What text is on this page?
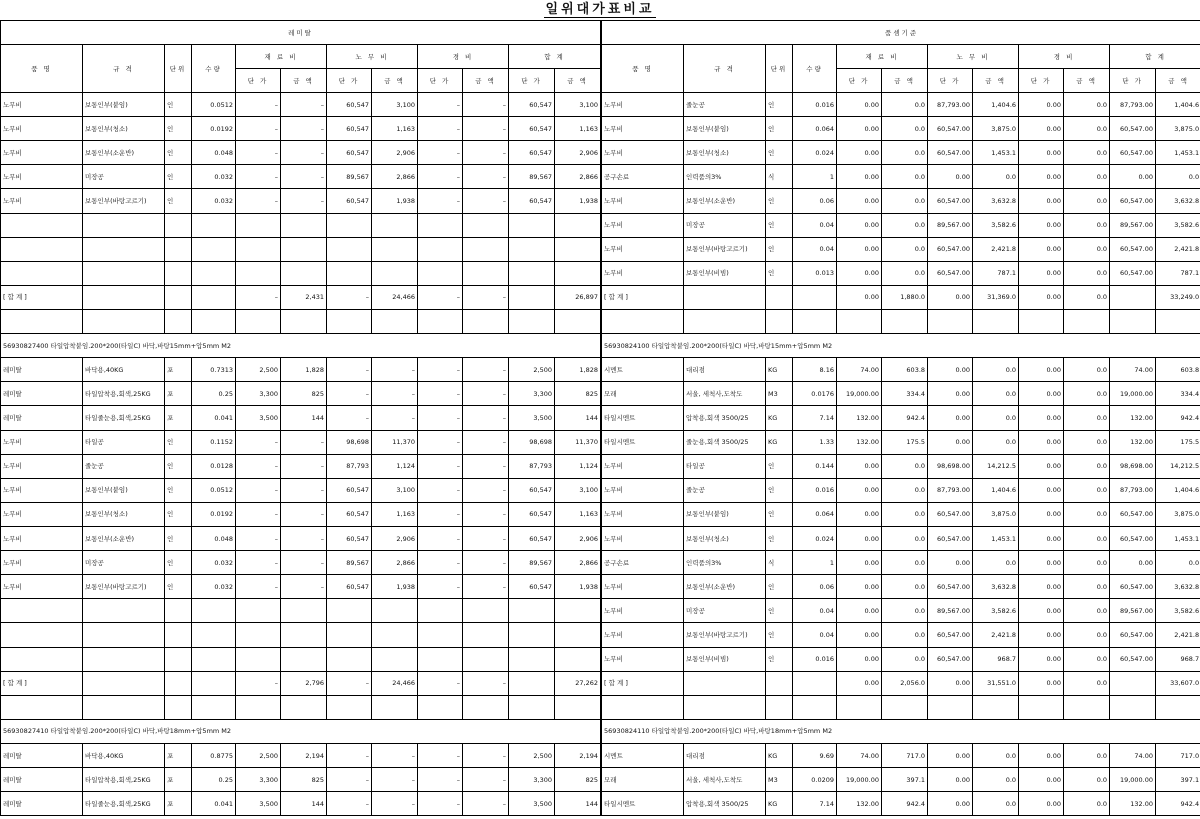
일위대가표비교
레미탈											
품 명	규 격	단위	수량	재 료 비		노 무 비		경 비		합 계	
				단 가	금 액	단 가	금 액	단 가	금 액	단 가	금 액
노무비	보통인부(붙임)	인	0.0512	–	–	60,547	3,100	–	–	60,547	3,100
노무비	보통인부(청소)	인	0.0192	–	–	60,547	1,163	–	–	60,547	1,163
노무비	보통인부(소운반)	인	0.048	–	–	60,547	2,906	–	–	60,547	2,906
노무비	미장공	인	0.032	–	–	89,567	2,866	–	–	89,567	2,866
노무비	보통인부(바탕고르기)	인	0.032	–	–	60,547	1,938	–	–	60,547	1,938

[ 합 계 ]				–	2,431	–	24,466	–	–		26,897

56930827400 타일압착붙임.200*200(타일C) 바닥,바탕15mm+압5mm M2											
레미탈	바닥용,40KG	포	0.7313	2,500	1,828	–	–	–	–	2,500	1,828
레미탈	타일압착용,회색,25KG	포	0.25	3,300	825	–	–	–	–	3,300	825
레미탈	타일줄눈용,회색,25KG	포	0.041	3,500	144	–	–	–	–	3,500	144
노무비	타일공	인	0.1152	–	–	98,698	11,370	–	–	98,698	11,370
노무비	줄눈공	인	0.0128	–	–	87,793	1,124	–	–	87,793	1,124
노무비	보통인부(붙임)	인	0.0512	–	–	60,547	3,100	–	–	60,547	3,100
노무비	보통인부(청소)	인	0.0192	–	–	60,547	1,163	–	–	60,547	1,163
노무비	보통인부(소운반)	인	0.048	–	–	60,547	2,906	–	–	60,547	2,906
노무비	미장공	인	0.032	–	–	89,567	2,866	–	–	89,567	2,866
노무비	보통인부(바탕고르기)	인	0.032	–	–	60,547	1,938	–	–	60,547	1,938

[ 합 계 ]				–	2,796	–	24,466	–	–		27,262

56930827410 타일압착붙임.200*200(타일C) 바닥,바탕18mm+압5mm M2											
레미탈	바닥용,40KG	포	0.8775	2,500	2,194	–	–	–	–	2,500	2,194
레미탈	타일압착용,회색,25KG	포	0.25	3,300	825	–	–	–	–	3,300	825
레미탈	타일줄눈용,회색,25KG	포	0.041	3,500	144	–	–	–	–	3,500	144
품셈기준											
품 명	규 격	단위	수량	재 료 비		노 무 비		경 비		합 계	
				단 가	금 액	단 가	금 액	단 가	금 액	단 가	금 액
노무비	줄눈공	인	0.016	0.00	0.0	87,793.00	1,404.6	0.00	0.0	87,793.00	1,404.6
노무비	보통인부(붙임)	인	0.064	0.00	0.0	60,547.00	3,875.0	0.00	0.0	60,547.00	3,875.0
노무비	보통인부(청소)	인	0.024	0.00	0.0	60,547.00	1,453.1	0.00	0.0	60,547.00	1,453.1
공구손료	인력품의3%	식	1	0.00	0.0	0.00	0.0	0.00	0.0	0.00	0.0
노무비	보통인부(소운반)	인	0.06	0.00	0.0	60,547.00	3,632.8	0.00	0.0	60,547.00	3,632.8
노무비	미장공	인	0.04	0.00	0.0	89,567.00	3,582.6	0.00	0.0	89,567.00	3,582.6
노무비	보통인부(바탕고르기)	인	0.04	0.00	0.0	60,547.00	2,421.8	0.00	0.0	60,547.00	2,421.8
노무비	보통인부(비빔)	인	0.013	0.00	0.0	60,547.00	787.1	0.00	0.0	60,547.00	787.1
[ 합 계 ]				0.00	1,880.0	0.00	31,369.0	0.00	0.0		33,249.0

56930824100 타일압착붙임.200*200(타일C) 바닥,바탕15mm+압5mm M2											
시멘트	대리점	KG	8.16	74.00	603.8	0.00	0.0	0.00	0.0	74.00	603.8
모래	서울, 세척사,도착도	M3	0.0176	19,000.00	334.4	0.00	0.0	0.00	0.0	19,000.00	334.4
타일시멘트	압착용,회색 3500/25	KG	7.14	132.00	942.4	0.00	0.0	0.00	0.0	132.00	942.4
타일시멘트	줄눈용,회색 3500/25	KG	1.33	132.00	175.5	0.00	0.0	0.00	0.0	132.00	175.5
노무비	타일공	인	0.144	0.00	0.0	98,698.00	14,212.5	0.00	0.0	98,698.00	14,212.5
노무비	줄눈공	인	0.016	0.00	0.0	87,793.00	1,404.6	0.00	0.0	87,793.00	1,404.6
노무비	보통인부(붙임)	인	0.064	0.00	0.0	60,547.00	3,875.0	0.00	0.0	60,547.00	3,875.0
노무비	보통인부(청소)	인	0.024	0.00	0.0	60,547.00	1,453.1	0.00	0.0	60,547.00	1,453.1
공구손료	인력품의3%	식	1	0.00	0.0	0.00	0.0	0.00	0.0	0.00	0.0
노무비	보통인부(소운반)	인	0.06	0.00	0.0	60,547.00	3,632.8	0.00	0.0	60,547.00	3,632.8
노무비	미장공	인	0.04	0.00	0.0	89,567.00	3,582.6	0.00	0.0	89,567.00	3,582.6
노무비	보통인부(바탕고르기)	인	0.04	0.00	0.0	60,547.00	2,421.8	0.00	0.0	60,547.00	2,421.8
노무비	보통인부(비빔)	인	0.016	0.00	0.0	60,547.00	968.7	0.00	0.0	60,547.00	968.7
[ 합 계 ]				0.00	2,056.0	0.00	31,551.0	0.00	0.0		33,607.0

56930824110 타일압착붙임.200*200(타일C) 바닥,바탕18mm+압5mm M2											
시멘트	대리점	KG	9.69	74.00	717.0	0.00	0.0	0.00	0.0	74.00	717.0
모래	서울, 세척사,도착도	M3	0.0209	19,000.00	397.1	0.00	0.0	0.00	0.0	19,000.00	397.1
타일시멘트	압착용,회색 3500/25	KG	7.14	132.00	942.4	0.00	0.0	0.00	0.0	132.00	942.4
